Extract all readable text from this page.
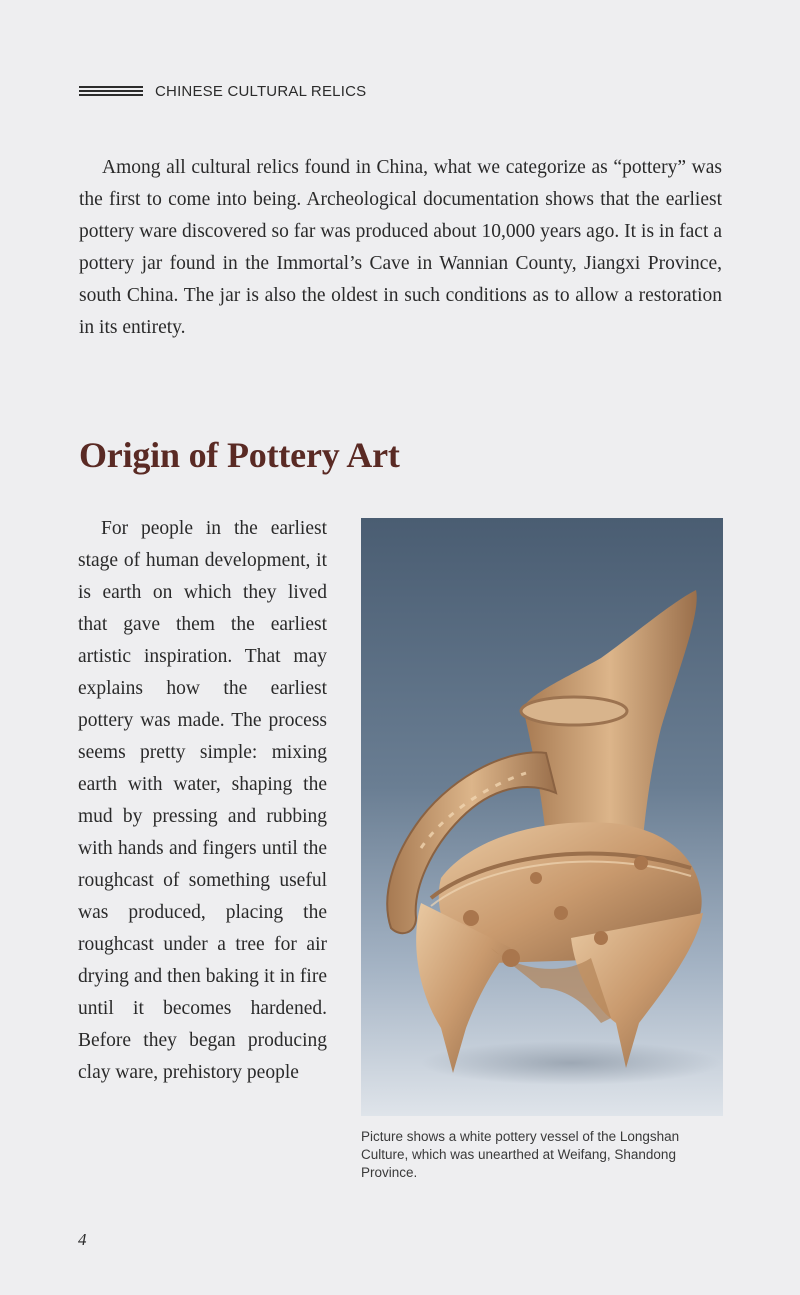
CHINESE CULTURAL RELICS

Among all cultural relics found in China, what we categorize as “pottery” was the first to come into being. Archeological documentation shows that the earliest pottery ware discovered so far was produced about 10,000 years ago. It is in fact a pottery jar found in the Immortal’s Cave in Wannian County, Jiangxi Province, south China. The jar is also the oldest in such conditions as to allow a restoration in its entirety.

Origin of Pottery Art

For people in the earliest stage of human development, it is earth on which they lived that gave them the earliest artistic inspiration. That may explains how the earliest pottery was made. The process seems pretty simple: mixing earth with water, shaping the mud by pressing and rubbing with hands and fingers until the roughcast of something useful was produced, placing the roughcast under a tree for air drying and then baking it in fire until it becomes hardened. Before they began producing clay ware, prehistory people

Picture shows a white pottery vessel of the Longshan Culture, which was unearthed at Weifang, Shandong Province.

4
